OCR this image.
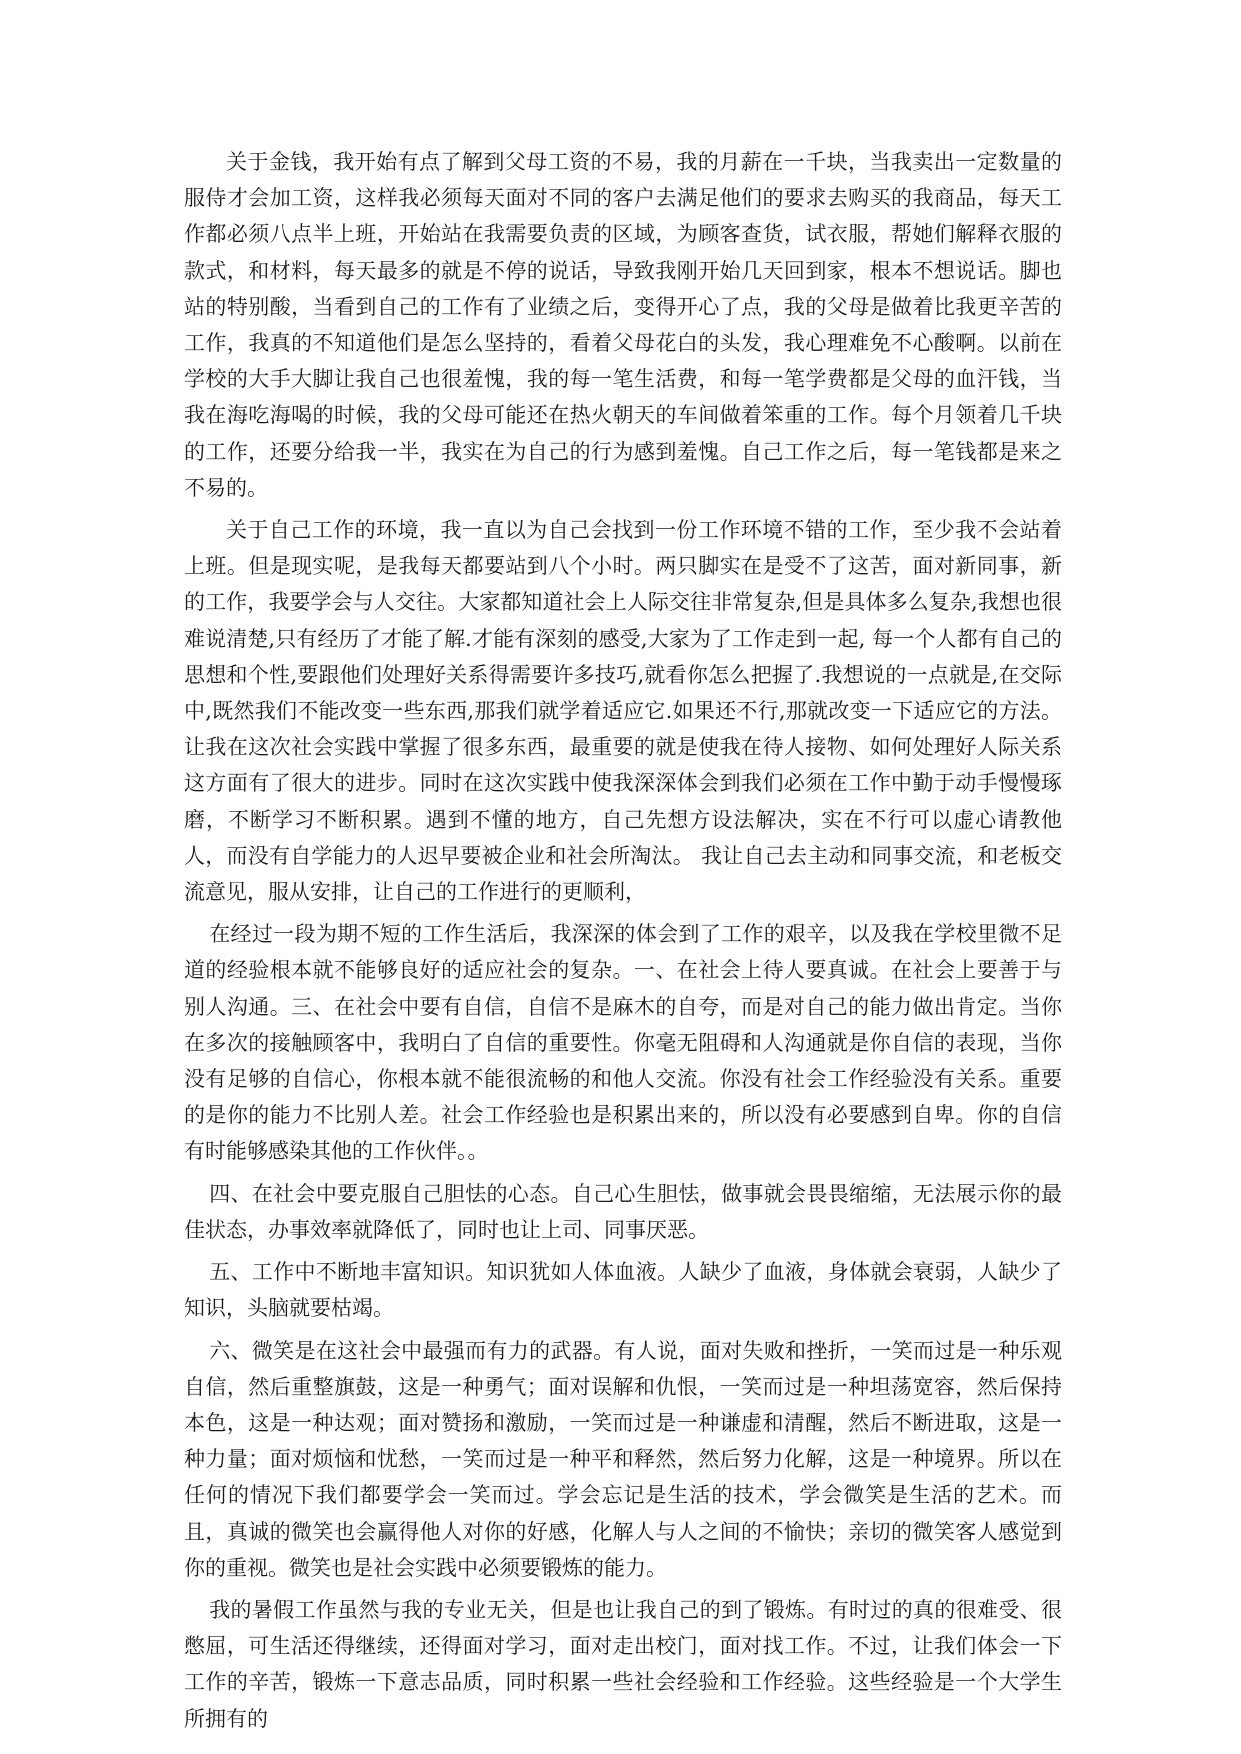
关于金钱，我开始有点了解到父母工资的不易，我的月薪在一千块，当我卖出一定数量的服侍才会加工资，这样我必须每天面对不同的客户去满足他们的要求去购买的我商品，每天工作都必须八点半上班，开始站在我需要负责的区域，为顾客查货，试衣服，帮她们解释衣服的款式，和材料，每天最多的就是不停的说话，导致我刚开始几天回到家，根本不想说话。脚也站的特别酸，当看到自己的工作有了业绩之后，变得开心了点，我的父母是做着比我更辛苦的工作，我真的不知道他们是怎么坚持的，看着父母花白的头发，我心理难免不心酸啊。以前在学校的大手大脚让我自己也很羞愧，我的每一笔生活费，和每一笔学费都是父母的血汗钱，当我在海吃海喝的时候，我的父母可能还在热火朝天的车间做着笨重的工作。每个月领着几千块的工作，还要分给我一半，我实在为自己的行为感到羞愧。自己工作之后，每一笔钱都是来之不易的。

关于自己工作的环境，我一直以为自己会找到一份工作环境不错的工作，至少我不会站着上班。但是现实呢，是我每天都要站到八个小时。两只脚实在是受不了这苦，面对新同事，新的工作，我要学会与人交往。大家都知道社会上人际交往非常复杂,但是具体多么复杂,我想也很难说清楚,只有经历了才能了解.才能有深刻的感受,大家为了工作走到一起, 每一个人都有自己的思想和个性,要跟他们处理好关系得需要许多技巧,就看你怎么把握了.我想说的一点就是,在交际中,既然我们不能改变一些东西,那我们就学着适应它.如果还不行,那就改变一下适应它的方法。让我在这次社会实践中掌握了很多东西，最重要的就是使我在待人接物、如何处理好人际关系这方面有了很大的进步。同时在这次实践中使我深深体会到我们必须在工作中勤于动手慢慢琢磨，不断学习不断积累。遇到不懂的地方，自己先想方设法解决，实在不行可以虚心请教他人，而没有自学能力的人迟早要被企业和社会所淘汰。 我让自己去主动和同事交流，和老板交流意见，服从安排，让自己的工作进行的更顺利，

在经过一段为期不短的工作生活后，我深深的体会到了工作的艰辛，以及我在学校里微不足道的经验根本就不能够良好的适应社会的复杂。一、在社会上待人要真诚。在社会上要善于与别人沟通。三、在社会中要有自信，自信不是麻木的自夸，而是对自己的能力做出肯定。当你在多次的接触顾客中，我明白了自信的重要性。你毫无阻碍和人沟通就是你自信的表现，当你没有足够的自信心，你根本就不能很流畅的和他人交流。你没有社会工作经验没有关系。重要的是你的能力不比别人差。社会工作经验也是积累出来的，所以没有必要感到自卑。你的自信有时能够感染其他的工作伙伴。。

四、在社会中要克服自己胆怯的心态。自己心生胆怯，做事就会畏畏缩缩，无法展示你的最佳状态，办事效率就降低了，同时也让上司、同事厌恶。

五、工作中不断地丰富知识。知识犹如人体血液。人缺少了血液，身体就会衰弱，人缺少了知识，头脑就要枯竭。

六、微笑是在这社会中最强而有力的武器。有人说，面对失败和挫折，一笑而过是一种乐观自信，然后重整旗鼓，这是一种勇气；面对误解和仇恨，一笑而过是一种坦荡宽容，然后保持本色，这是一种达观；面对赞扬和激励，一笑而过是一种谦虚和清醒，然后不断进取，这是一种力量；面对烦恼和忧愁，一笑而过是一种平和释然，然后努力化解，这是一种境界。所以在任何的情况下我们都要学会一笑而过。学会忘记是生活的技术，学会微笑是生活的艺术。而且，真诚的微笑也会赢得他人对你的好感，化解人与人之间的不愉快；亲切的微笑客人感觉到你的重视。微笑也是社会实践中必须要锻炼的能力。

我的暑假工作虽然与我的专业无关，但是也让我自己的到了锻炼。有时过的真的很难受、很憋屈，可生活还得继续，还得面对学习，面对走出校门，面对找工作。不过，让我们体会一下工作的辛苦，锻炼一下意志品质，同时积累一些社会经验和工作经验。这些经验是一个大学生所拥有的
